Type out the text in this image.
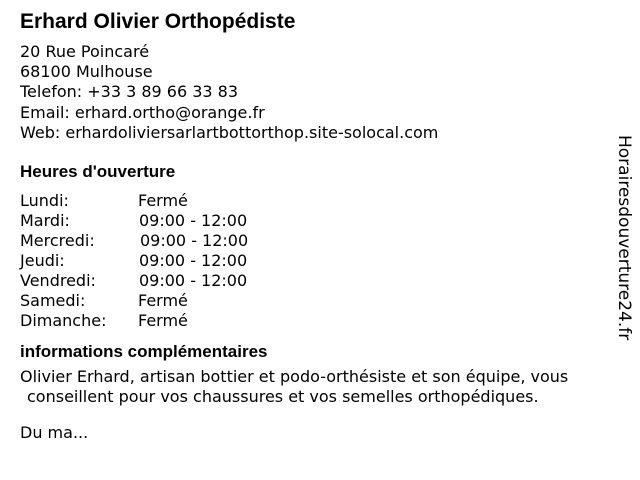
Erhard Olivier Orthopédiste
20 Rue Poincaré
68100 Mulhouse
Telefon: +33 3 89 66 33 83
Email: erhard.ortho@orange.fr
Web: erhardoliviersarlartbottorthop.site-solocal.com
Heures d'ouverture
Lundi:	Fermé
Mardi:	09:00 - 12:00
Mercredi:	09:00 - 12:00
Jeudi:	09:00 - 12:00
Vendredi:	09:00 - 12:00
Samedi:	Fermé
Dimanche: Fermé
informations complémentaires
Olivier Erhard, artisan bottier et podo-orthésiste et son équipe, vous
conseillent pour vos chaussures et vos semelles orthopédiques.
Du ma...
Horairesdouverture24.fr
